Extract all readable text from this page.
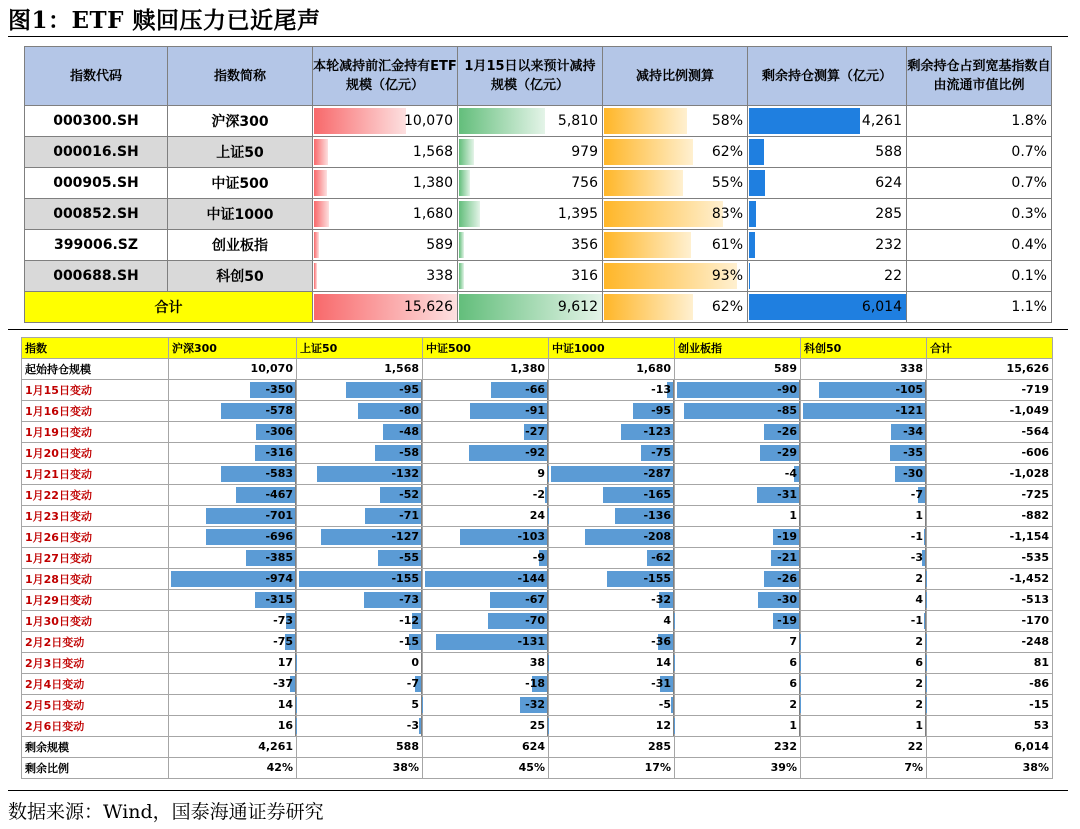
图1：ETF 赎回压力已近尾声
指数代码	指数简称	本轮减持前汇金持有ETF规模（亿元）	1月15日以来预计减持规模（亿元）	减持比例测算	剩余持仓测算（亿元）	剩余持仓占到宽基指数自由流通市值比例
000300.SH	沪深300	10,070	5,810	58%	4,261	1.8%

000016.SH	上证50	1,568	979	62%	588	0.7%

000905.SH	中证500	1,380	756	55%	624	0.7%

000852.SH	中证1000	1,680	1,395	83%	285	0.3%

399006.SZ	创业板指	589	356	61%	232	0.4%

000688.SH	科创50	338	316	93%	22	0.1%

合计		15,626	9,612	62%	6,014	1.1%
指数	沪深300	上证50	中证500	中证1000	创业板指	科创50	合计
起始持仓规模	10,070	1,568	1,380	1,680	589	338	15,626

1月15日变动	-350	-95	-66	-13	-90	-105	-719

1月16日变动	-578	-80	-91	-95	-85	-121	-1,049

1月19日变动	-306	-48	-27	-123	-26	-34	-564

1月20日变动	-316	-58	-92	-75	-29	-35	-606

1月21日变动	-583	-132	9	-287	-4	-30	-1,028

1月22日变动	-467	-52	-2	-165	-31	-7	-725

1月23日变动	-701	-71	24	-136	1	1	-882

1月26日变动	-696	-127	-103	-208	-19	-1	-1,154

1月27日变动	-385	-55	-9	-62	-21	-3	-535

1月28日变动	-974	-155	-144	-155	-26	2	-1,452

1月29日变动	-315	-73	-67	-32	-30	4	-513

1月30日变动	-73	-12	-70	4	-19	-1	-170

2月2日变动	-75	-15	-131	-36	7	2	-248

2月3日变动	17	0	38	14	6	6	81

2月4日变动	-37	-7	-18	-31	6	2	-86

2月5日变动	14	5	-32	-5	2	2	-15

2月6日变动	16	-3	25	12	1	1	53

剩余规模	4,261	588	624	285	232	22	6,014

剩余比例	42%	38%	45%	17%	39%	7%	38%
数据来源：Wind，国泰海通证券研究
